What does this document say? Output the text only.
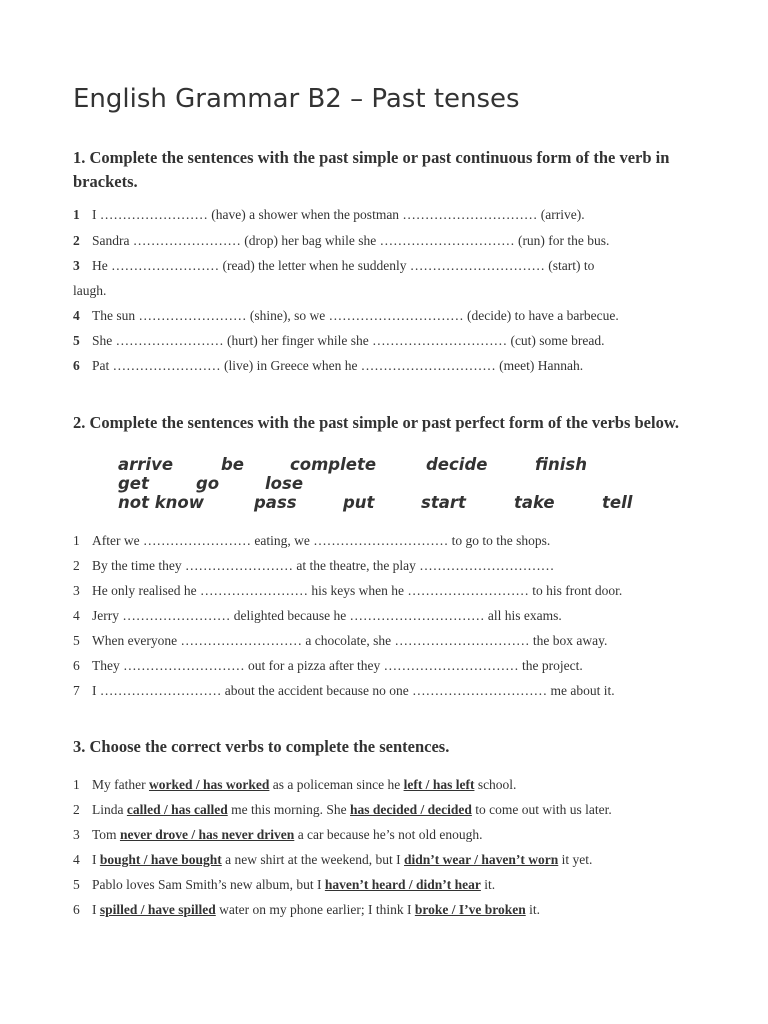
English Grammar B2 – Past tenses
1. Complete the sentences with the past simple or past continuous form of the verb in brackets.
1 I …………………… (have) a shower when the postman ………………………… (arrive).
2 Sandra …………………… (drop) her bag while she ………………………… (run) for the bus.
3 He …………………… (read) the letter when he suddenly ………………………… (start) to
laugh.
4 The sun …………………… (shine), so we ………………………… (decide) to have a barbecue.
5 She …………………… (hurt) her finger while she ………………………… (cut) some bread.
6 Pat …………………… (live) in Greece when he ………………………… (meet) Hannah.
2. Complete the sentences with the past simple or past perfect form of the verbs below.
arrive	be	complete	decide	finish
get	go	lose
not know	pass	put	start	take	tell
1 After we …………………… eating, we ………………………… to go to the shops.
2 By the time they …………………… at the theatre, the play …………………………
3 He only realised he …………………… his keys when he ……………………… to his front door.
4 Jerry …………………… delighted because he ………………………… all his exams.
5 When everyone ……………………… a chocolate, she ………………………… the box away.
6 They ……………………… out for a pizza after they ………………………… the project.
7 I ……………………… about the accident because no one ………………………… me about it.
3. Choose the correct verbs to complete the sentences.
1 My father worked / has worked as a policeman since he left / has left school.
2 Linda called / has called me this morning. She has decided / decided to come out with us later.
3 Tom never drove / has never driven a car because he’s not old enough.
4 I bought / have bought a new shirt at the weekend, but I didn’t wear / haven’t worn it yet.
5 Pablo loves Sam Smith’s new album, but I haven’t heard / didn’t hear it.
6 I spilled / have spilled water on my phone earlier; I think I broke / I’ve broken it.
